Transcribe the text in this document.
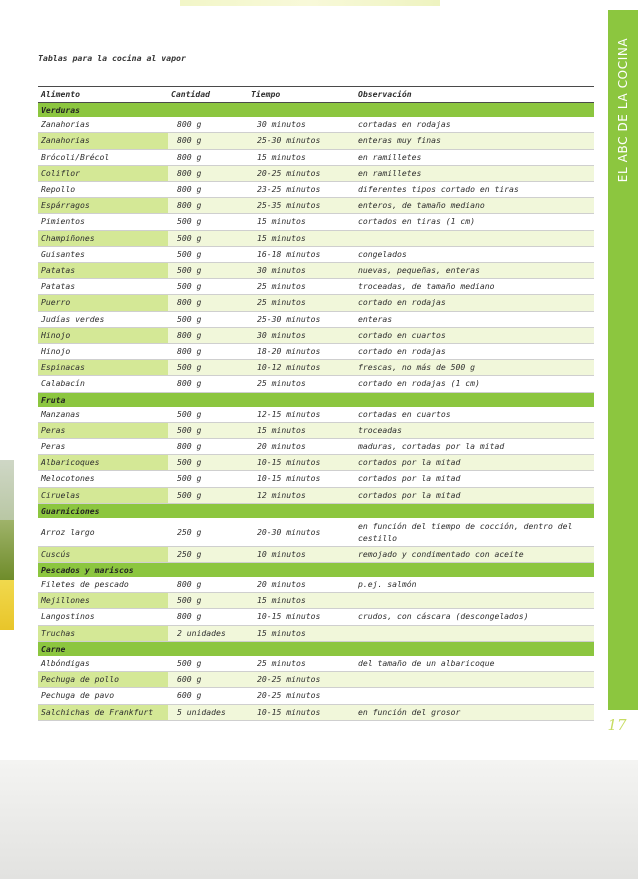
EL ABC DE LA COCINA
Tablas para la cocina al vapor
Alimento	Cantidad	Tiempo	Observación
Verduras			
Zanahorias	800 g	30 minutos	cortadas en rodajas
Zanahorias	800 g	25-30 minutos	enteras muy finas
Brócoli/Brécol	800 g	15 minutos	en ramilletes
Coliflor	800 g	20-25 minutos	en ramilletes
Repollo	800 g	23-25 minutos	diferentes tipos cortado en tiras
Espárragos	800 g	25-35 minutos	enteros, de tamaño mediano
Pimientos	500 g	15 minutos	cortados en tiras (1 cm)
Champiñones	500 g	15 minutos	
Guisantes	500 g	16-18 minutos	congelados
Patatas	500 g	30 minutos	nuevas, pequeñas, enteras
Patatas	500 g	25 minutos	troceadas, de tamaño mediano
Puerro	800 g	25 minutos	cortado en rodajas
Judías verdes	500 g	25-30 minutos	enteras
Hinojo	800 g	30 minutos	cortado en cuartos
Hinojo	800 g	18-20 minutos	cortado en rodajas
Espinacas	500 g	10-12 minutos	frescas, no más de 500 g
Calabacín	800 g	25 minutos	cortado en rodajas (1 cm)
Fruta			
Manzanas	500 g	12-15 minutos	cortadas en cuartos
Peras	500 g	15 minutos	troceadas
Peras	800 g	20 minutos	maduras, cortadas por la mitad
Albaricoques	500 g	10-15 minutos	cortados por la mitad
Melocotones	500 g	10-15 minutos	cortados por la mitad
Ciruelas	500 g	12 minutos	cortados por la mitad
Guarniciones			
Arroz largo	250 g	20-30 minutos	en función del tiempo de cocción, dentro del cestillo
Cuscús	250 g	10 minutos	remojado y condimentado con aceite
Pescados y mariscos			
Filetes de pescado	800 g	20 minutos	p.ej. salmón
Mejillones	500 g	15 minutos	
Langostinos	800 g	10-15 minutos	crudos, con cáscara (descongelados)
Truchas	2 unidades	15 minutos	
Carne			
Albóndigas	500 g	25 minutos	del tamaño de un albaricoque
Pechuga de pollo	600 g	20-25 minutos	
Pechuga de pavo	600 g	20-25 minutos	
Salchichas de Frankfurt	5 unidades	10-15 minutos	en función del grosor
17
